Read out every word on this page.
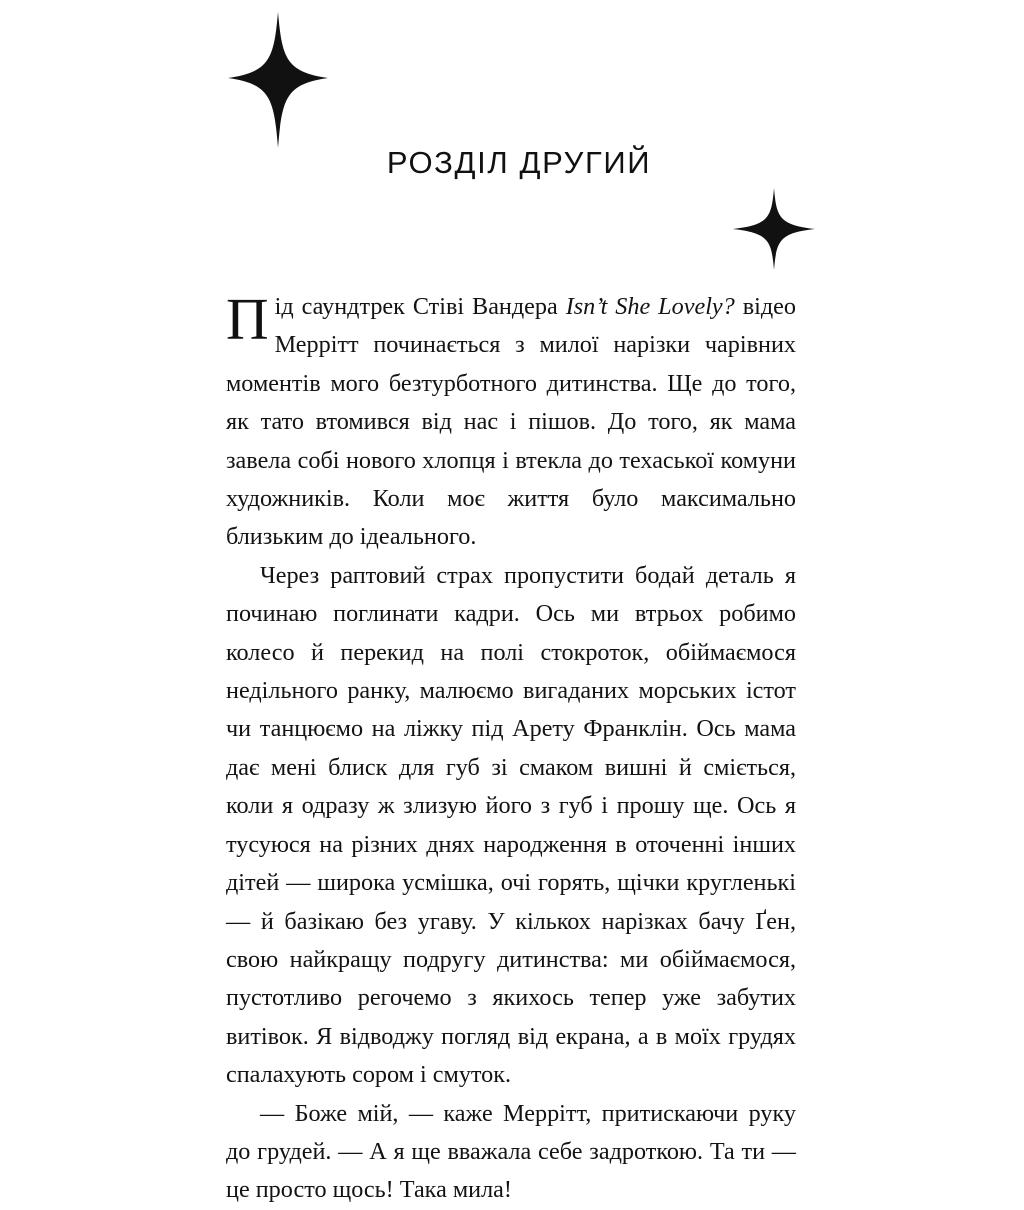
РОЗДІЛ ДРУГИЙ

Під саундтрек Стіві Вандера Isn’t She Lovely? відео Меррітт починається з милої нарізки чарівних моментів мого безтурботного дитинства. Ще до того, як тато втомився від нас і пішов. До того, як мама завела собі нового хлопця і втекла до техаської комуни художників. Коли моє життя було максимально близьким до ідеального.

Через раптовий страх пропустити бодай деталь я починаю поглинати кадри. Ось ми втрьох робимо колесо й перекид на полі стокроток, обіймаємося недільного ранку, малюємо вигаданих морських істот чи танцюємо на ліжку під Арету Франклін. Ось мама дає мені блиск для губ зі смаком вишні й сміється, коли я одразу ж злизую його з губ і прошу ще. Ось я тусуюся на різних днях народження в оточенні інших дітей — широка усмішка, очі горять, щічки кругленькі — й базікаю без угаву. У кількох нарізках бачу Ґен, свою найкращу подругу дитинства: ми обіймаємося, пустотливо регочемо з якихось тепер уже забутих витівок. Я відводжу погляд від екрана, а в моїх грудях спалахують сором і смуток.

— Боже мій, — каже Меррітт, притискаючи руку до грудей. — А я ще вважала себе задроткою. Та ти — це просто щось! Така мила!
